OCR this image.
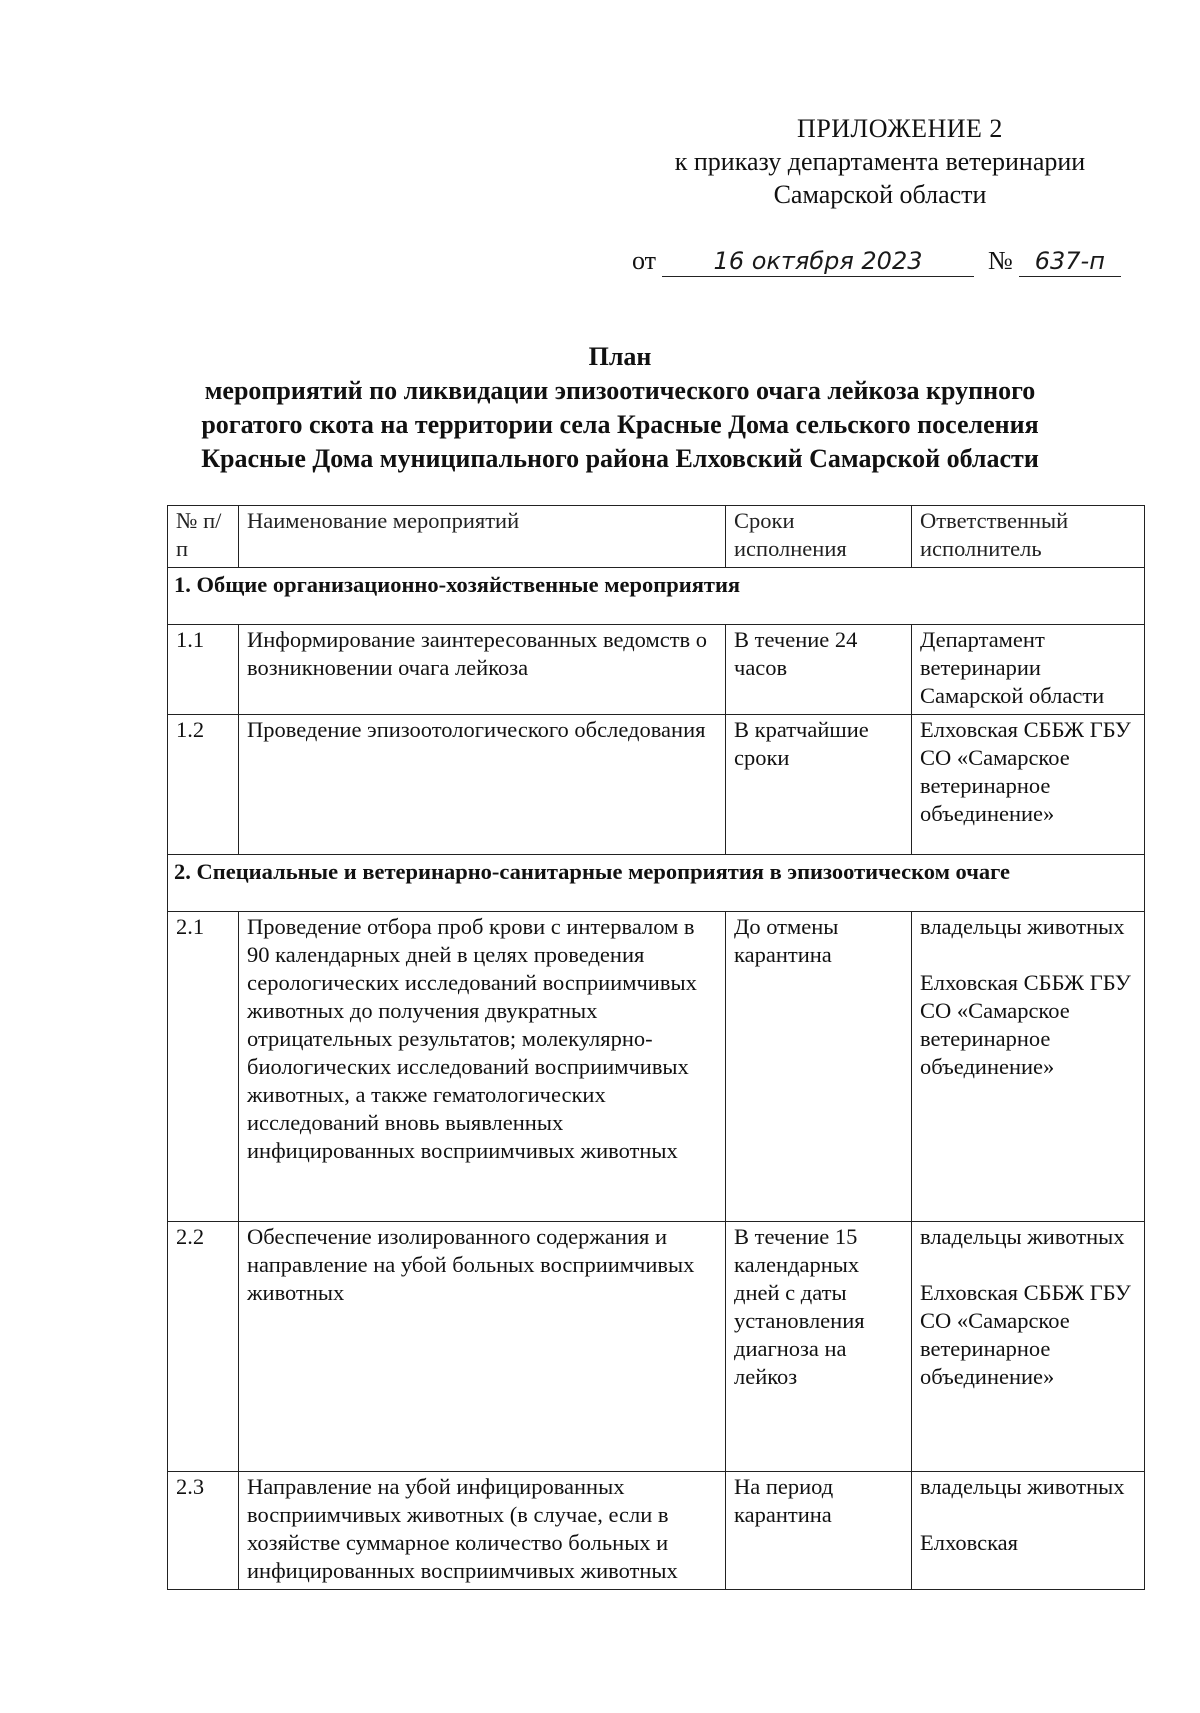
ПРИЛОЖЕНИЕ 2
к приказу департамента ветеринарии
Самарской области
от 16 октября 2023	№ 637-п
План
мероприятий по ликвидации эпизоотического очага лейкоза крупного
рогатого скота на территории села Красные Дома сельского поселения
Красные Дома муниципального района Елховский Самарской области
№ п/п	Наименование мероприятий	Сроки исполнения	Ответственный исполнитель
1. Общие организационно-хозяйственные мероприятия			
1.1	Информирование заинтересованных ведомств о возникновении очага лейкоза	В течение 24 часов	Департамент ветеринарии Самарской области
1.2	Проведение эпизоотологического обследования	В кратчайшие сроки	Елховская СББЖ ГБУ СО «Самарское ветеринарное объединение»
2. Специальные и ветеринарно-санитарные мероприятия в эпизоотическом очаге			
2.1	Проведение отбора проб крови с интервалом в 90 календарных дней в целях проведения серологических исследований восприимчивых животных до получения двукратных отрицательных результатов; молекулярно-биологических исследований восприимчивых животных, а также гематологических исследований вновь выявленных инфицированных восприимчивых животных	До отмены карантина	владельцы животных
Елховская СББЖ ГБУ СО «Самарское ветеринарное объединение»
2.2	Обеспечение изолированного содержания и направление на убой больных восприимчивых животных	В течение 15 календарных дней с даты установления диагноза на лейкоз	владельцы животных
Елховская СББЖ ГБУ СО «Самарское ветеринарное объединение»
2.3	Направление на убой инфицированных восприимчивых животных (в случае, если в хозяйстве суммарное количество больных и инфицированных восприимчивых животных	На период карантина	владельцы животных
Елховская
